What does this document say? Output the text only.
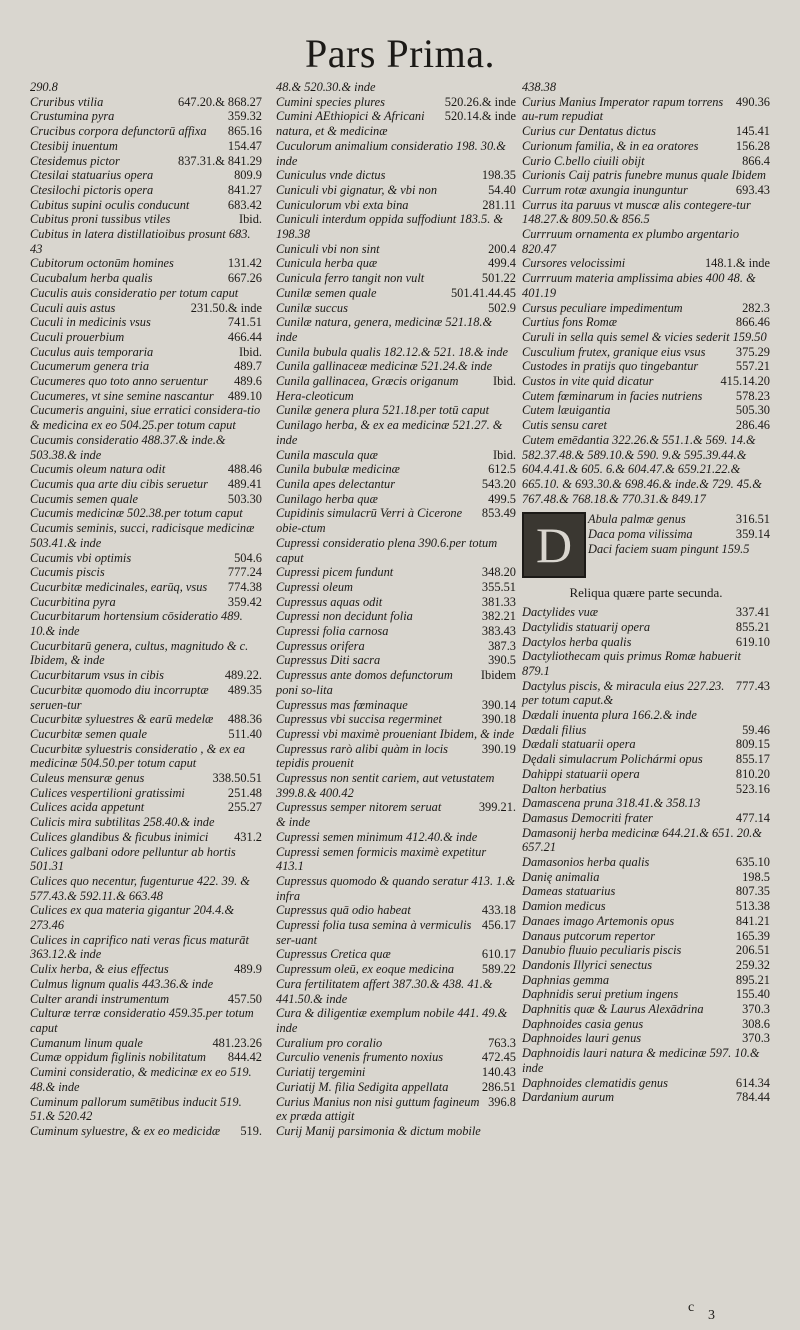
Pars Prima.
290.8
647.20.& 868.27
Cruribus vtilia
359.32
Crustumina pyra
865.16
Crucibus corpora defunctorū affixa
154.47
Ctesibij inuentum
837.31.& 841.29
Ctesidemus pictor
809.9
Ctesilai statuarius opera
841.27
Ctesilochi pictoris opera
683.42
Cubitus supini oculis conducunt
Ibid.
Cubitus proni tussibus vtiles
Cubitus in latera distillatioibus prosunt 683. 43
131.42
Cubitorum octonūm homines
667.26
Cucubalum herba qualis
Cuculis auis consideratio per totum caput
231.50.& inde
Cuculi auis astus
741.51
Cuculi in medicinis vsus
466.44
Cuculi prouerbium
Ibid.
Cuculus auis temporaria
489.7
Cucumerum genera tria
489.6
Cucumeres quo toto anno seruentur
489.10
Cucumeres, vt sine semine nascantur
Cucumeris anguini, siue erratici considera-tio & medicina ex eo 504.25.per totum caput
Cucumis consideratio 488.37.& inde.& 503.38.& inde
488.46
Cucumis oleum natura odit
489.41
Cucumis qua arte diu cibis seruetur
503.30
Cucumis semen quale
Cucumis medicinæ 502.38.per totum caput
Cucumis seminis, succi, radicisque medicinæ 503.41.& inde
504.6
Cucumis vbi optimis
777.24
Cucumis piscis
774.38
Cucurbitæ medicinales, earūq, vsus
359.42
Cucurbitina pyra
Cucurbitarum hortensium cōsideratio 489. 10.& inde
Cucurbitarū genera, cultus, magnitudo & c. Ibidem, & inde
489.22.
Cucurbitarum vsus in cibis
489.35
Cucurbitæ quomodo diu incorruptæ seruen-tur
488.36
Cucurbitæ syluestres & earū medelæ
511.40
Cucurbitæ semen quale
Cucurbitæ syluestris consideratio , & ex ea medicinæ 504.50.per totum caput
338.50.51
Culeus mensuræ genus
251.48
Culices vespertilioni gratissimi
255.27
Culices acida appetunt
Culicis mira subtilitas 258.40.& inde
431.2
Culices glandibus & ficubus inimici
Culices galbani odore pelluntur ab hortis 501.31
Culices quo necentur, fugenturue 422. 39. & 577.43.& 592.11.& 663.48
Culices ex qua materia gigantur 204.4.& 273.46
Culices in caprifico nati veras ficus maturāt 363.12.& inde
489.9
Culix herba, & eius effectus
Culmus lignum qualis 443.36.& inde
457.50
Culter arandi instrumentum
Culturæ terræ consideratio 459.35.per totum caput
481.23.26
Cumanum linum quale
844.42
Cumæ oppidum figlinis nobilitatum
Cumini consideratio, & medicinæ ex eo 519. 48.& inde
Cuminum pallorum sumētibus inducit 519. 51.& 520.42
519.
Cuminum syluestre, & ex eo medicidæ
48.& 520.30.& inde
520.26.& inde
Cumini species plures
520.14.& inde
Cumini AEthiopici & Africani natura, et & medicinæ
Cuculorum animalium consideratio 198. 30.& inde
198.35
Cuniculus vnde dictus
54.40
Cuniculi vbi gignatur, & vbi non
281.11
Cuniculorum vbi exta bina
Cuniculi interdum oppida suffodiunt 183.5. & 198.38
200.4
Cuniculi vbi non sint
499.4
Cunicula herba quæ
501.22
Cunicula ferro tangit non vult
501.41.44.45
Cunilæ semen quale
502.9
Cunilæ succus
Cunilæ natura, genera, medicinæ 521.18.& inde
Cunila bubula qualis 182.12.& 521. 18.& inde
Cunila gallinaceæ medicinæ 521.24.& inde
Ibid.
Cunila gallinacea, Græcis origanum Hera-cleoticum
Cunilæ genera plura 521.18.per totū caput
Cunilago herba, & ex ea medicinæ 521.27. & inde
Ibid.
Cunila mascula quæ
612.5
Cunila bubulæ medicinæ
543.20
Cunila apes delectantur
499.5
Cunilago herba quæ
853.49
Cupidinis simulacrū Verri à Cicerone obie-ctum
Cupressi consideratio plena 390.6.per totum caput
348.20
Cupressi picem fundunt
355.51
Cupressi oleum
381.33
Cupressus aquas odit
382.21
Cupressi non decidunt folia
383.43
Cupressi folia carnosa
387.3
Cupressus orifera
390.5
Cupressus Diti sacra
Ibidem
Cupressus ante domos defunctorum poni so-lita
390.14
Cupressus mas fœminaque
390.18
Cupressus vbi succisa regerminet
Cupressi vbi maximè proueniant Ibidem, & inde
390.19
Cupressus rarò alibi quàm in locis tepidis prouenit
Cupressus non sentit cariem, aut vetustatem 399.8.& 400.42
399.21.
Cupressus semper nitorem seruat
& inde
Cupressi semen minimum 412.40.& inde
Cupressi semen formicis maximè expetitur 413.1
Cupressus quomodo & quando seratur 413. 1.& infra
433.18
Cupressus quā odio habeat
456.17
Cupressi folia tusa semina à vermiculis ser-uant
610.17
Cupressus Cretica quæ
589.22
Cupressum oleū, ex eoque medicina
Cura fertilitatem affert 387.30.& 438. 41.& 441.50.& inde
Cura & diligentiæ exemplum nobile 441. 49.& inde
763.3
Curalium pro coralio
472.45
Curculio venenis frumento noxius
140.43
Curiatij tergemini
286.51
Curiatij M. filia Sedigita appellata
396.8
Curius Manius non nisi guttum fagineum ex præda attigit
Curij Manij parsimonia & dictum mobile
438.38
490.36
Curius Manius Imperator rapum torrens au-rum repudiat
145.41
Curius cur Dentatus dictus
156.28
Curionum familia, & in ea oratores
866.4
Curio C.bello ciuili obijt
Curionis Caij patris funebre munus quale Ibidem
693.43
Currum rotæ axungia inunguntur
Currus ita paruus vt muscæ alis contegere-tur 148.27.& 809.50.& 856.5
Currruum ornamenta ex plumbo argentario 820.47
148.1.& inde
Cursores velocissimi
Currruum materia amplissima abies 400 48. & 401.19
282.3
Cursus peculiare impedimentum
866.46
Curtius fons Romæ
Curuli in sella quis semel & vicies sederit 159.50
375.29
Cusculium frutex, granique eius vsus
557.21
Custodes in pratijs quo tingebantur
415.14.20
Custos in vite quid dicatur
578.23
Cutem fœminarum in facies nutriens
505.30
Cutem læuigantia
286.46
Cutis sensu caret
Cutem emēdantia 322.26.& 551.1.& 569. 14.& 582.37.48.& 589.10.& 590. 9.& 595.39.44.& 604.4.41.& 605. 6.& 604.47.& 659.21.22.& 665.10. & 693.30.& 698.46.& inde.& 729. 45.& 767.48.& 768.18.& 770.31.& 849.17
D	316.51
Abula palmæ genus
359.14
Daca poma vilissima
Daci faciem suam pingunt 159.5
Reliqua quære parte secunda.
337.41
Dactylides vuæ
855.21
Dactylidis statuarij opera
619.10
Dactylos herba qualis
Dactyliothecam quis primus Romæ habuerit 879.1
777.43
Dactylus piscis, & miracula eius 227.23. per totum caput.&
Dædali inuenta plura 166.2.& inde
59.46
Dædali filius
809.15
Dædali statuarii opera
855.17
Dędali simulacrum Polichármi opus
810.20
Dahippi statuarii opera
523.16
Dalton herbatius
Damascena pruna 318.41.& 358.13
477.14
Damasus Democriti frater
Damasonij herba medicinæ 644.21.& 651. 20.& 657.21
635.10
Damasonios herba qualis
198.5
Danię animalia
807.35
Dameas statuarius
513.38
Damion medicus
841.21
Danaes imago Artemonis opus
165.39
Danaus putcorum repertor
206.51
Danubio fluuio peculiaris piscis
259.32
Dandonis Illyrici senectus
895.21
Daphnias gemma
155.40
Daphnidis serui pretium ingens
370.3
Daphnitis quæ & Laurus Alexādrina
308.6
Daphnoides casia genus
370.3
Daphnoides lauri genus
Daphnoidis lauri natura & medicinæ 597. 10.& inde
614.34
Daphnoides clematidis genus
784.44
Dardanium aurum
c
3
